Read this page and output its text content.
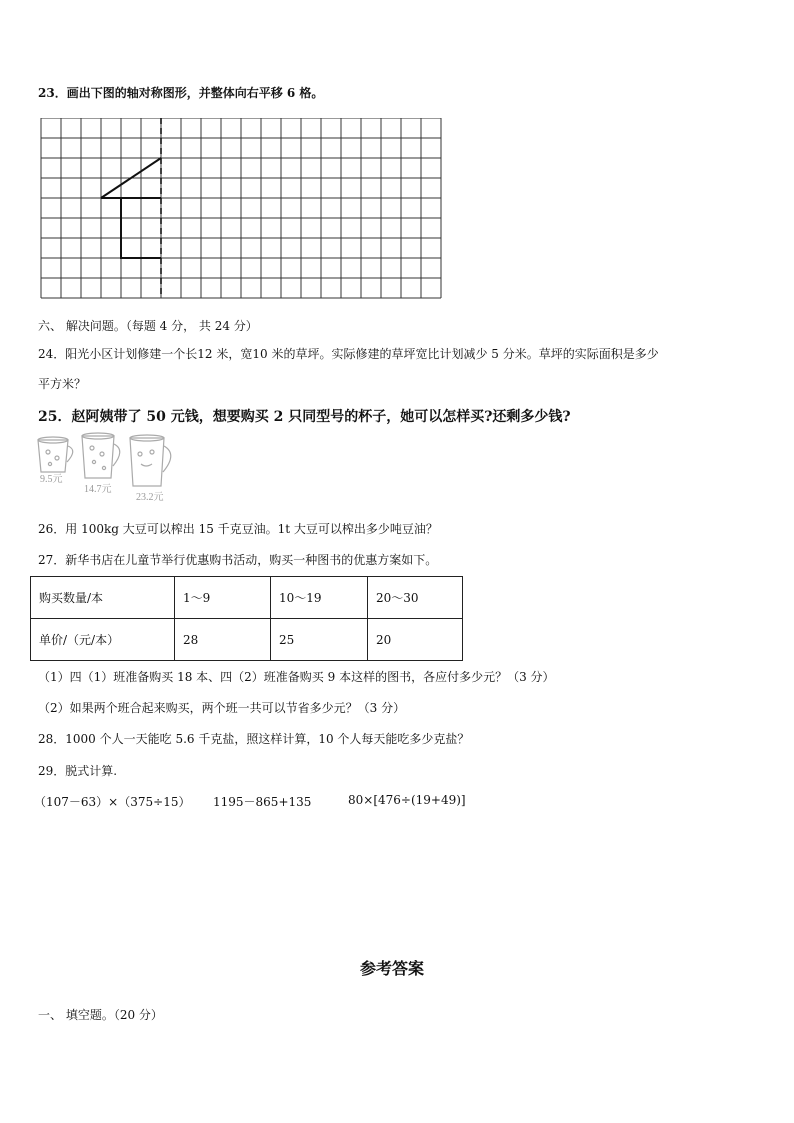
23．画出下图的轴对称图形，并整体向右平移 6 格。
六、 解决问题。（每题 4 分， 共 24 分）
24．阳光小区计划修建一个长12 米，宽10 米的草坪。实际修建的草坪宽比计划减少 5 分米。草坪的实际面积是多少
平方米？
25．赵阿姨带了 50 元钱，想要购买 2 只同型号的杯子，她可以怎样买?还剩多少钱?
9.5元
14.7元
23.2元
26．用 100kg 大豆可以榨出 15 千克豆油。1t 大豆可以榨出多少吨豆油？
27．新华书店在儿童节举行优惠购书活动，购买一种图书的优惠方案如下。
购买数量/本	1～9	10～19	20～30
单价/（元/本）	28	25	20
（1）四（1）班准备购买 18 本、四（2）班准备购买 9 本这样的图书，各应付多少元？（3 分）
（2）如果两个班合起来购买，两个班一共可以节省多少元？（3 分）
28．1000 个人一天能吃 5.6 千克盐，照这样计算，10 个人每天能吃多少克盐？
29．脱式计算.
（107－63）×（375÷15） 1195－865+135	80×[476÷(19+49)]
参考答案
一、 填空题。（20 分）
